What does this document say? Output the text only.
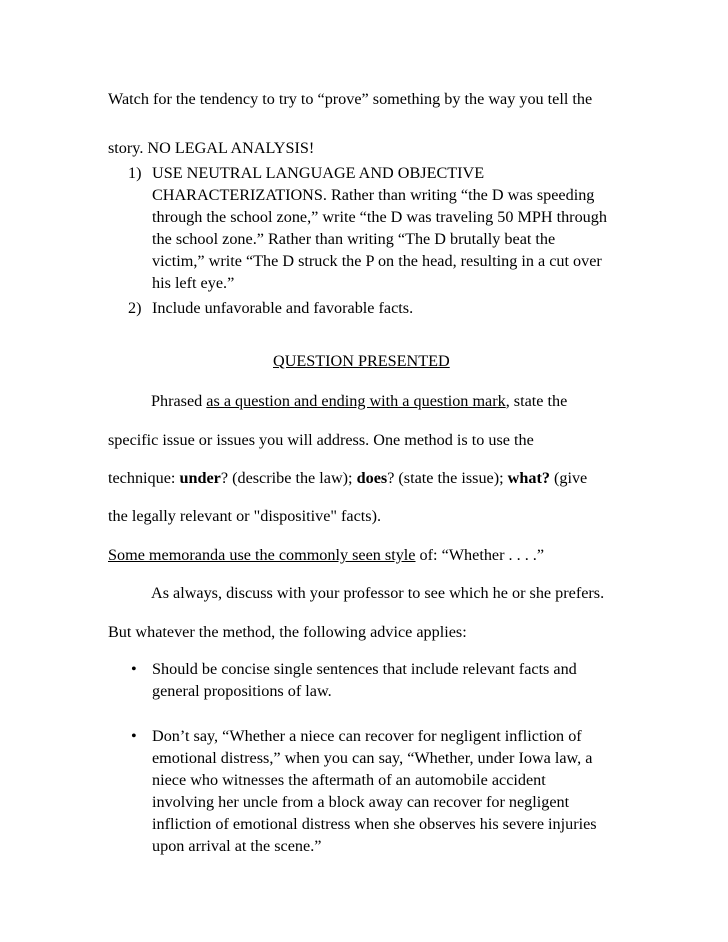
Watch for the tendency to try to “prove” something by the way you tell the
story. NO LEGAL ANALYSIS!
1) USE NEUTRAL LANGUAGE AND OBJECTIVE
CHARACTERIZATIONS. Rather than writing “the D was speeding
through the school zone,” write “the D was traveling 50 MPH through
the school zone.” Rather than writing “The D brutally beat the
victim,” write “The D struck the P on the head, resulting in a cut over
his left eye.”
2) Include unfavorable and favorable facts.
QUESTION PRESENTED
Phrased as a question and ending with a question mark, state the
specific issue or issues you will address. One method is to use the
technique: under? (describe the law); does? (state the issue); what? (give
the legally relevant or "dispositive" facts).
Some memoranda use the commonly seen style of: “Whether . . . .”
As always, discuss with your professor to see which he or she prefers.
But whatever the method, the following advice applies:
• Should be concise single sentences that include relevant facts and
general propositions of law.
• Don’t say, “Whether a niece can recover for negligent infliction of
emotional distress,” when you can say, “Whether, under Iowa law, a
niece who witnesses the aftermath of an automobile accident
involving her uncle from a block away can recover for negligent
infliction of emotional distress when she observes his severe injuries
upon arrival at the scene.”
